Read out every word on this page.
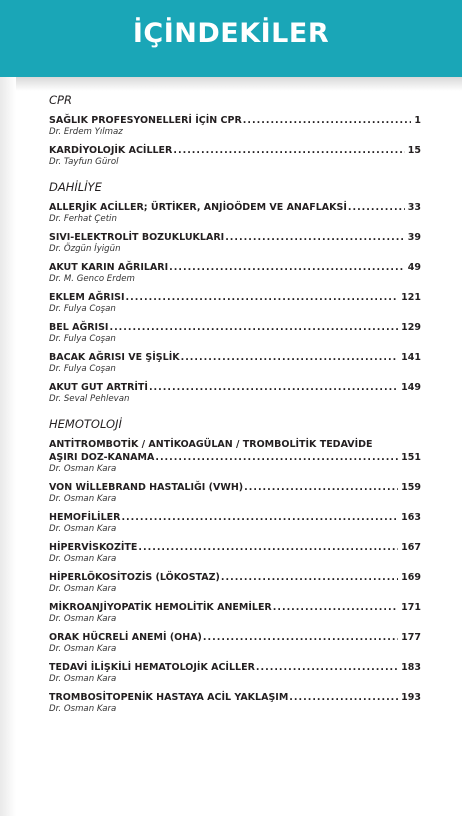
İÇİNDEKİLER
CPR
SAĞLIK PROFESYONELLERİ İÇİN CPR .....	1
Dr. Erdem Yılmaz
KARDİYOLOJİK ACİLLER .....	15
Dr. Tayfun Gürol
DAHİLİYE
ALLERJİK ACİLLER; ÜRTİKER, ANJİOÖDEM VE ANAFLAKSİ .....	33
Dr. Ferhat Çetin
SIVI-ELEKTROLİT BOZUKLUKLARI .....	39
Dr. Özgün İyigün
AKUT KARIN AĞRILARI .....	49
Dr. M. Genco Erdem
EKLEM AĞRISI .....	121
Dr. Fulya Coşan
BEL AĞRISI .....	129
Dr. Fulya Coşan
BACAK AĞRISI VE ŞİŞLİK .....	141
Dr. Fulya Coşan
AKUT GUT ARTRİTİ .....	149
Dr. Seval Pehlevan
HEMOTOLOJİ
ANTİTROMBOTİK / ANTİKOAGÜLAN / TROMBOLİTİK TEDAVİDE
AŞIRI DOZ-KANAMA .....	151
Dr. Osman Kara
VON WİLLEBRAND HASTALIĞI (VWH) .....	159
Dr. Osman Kara
HEMOFİLİLER .....	163
Dr. Osman Kara
HİPERVİSKOZİTE .....	167
Dr. Osman Kara
HİPERLÖKOSİTOZİS (LÖKOSTAZ) .....	169
Dr. Osman Kara
MİKROANJİYOPATİK HEMOLİTİK ANEMİLER .....	171
Dr. Osman Kara
ORAK HÜCRELİ ANEMİ (OHA) .....	177
Dr. Osman Kara
TEDAVİ İLİŞKİLİ HEMATOLOJİK ACİLLER .....	183
Dr. Osman Kara
TROMBOSİTOPENİK HASTAYA ACİL YAKLAŞIM .....	193
Dr. Osman Kara
